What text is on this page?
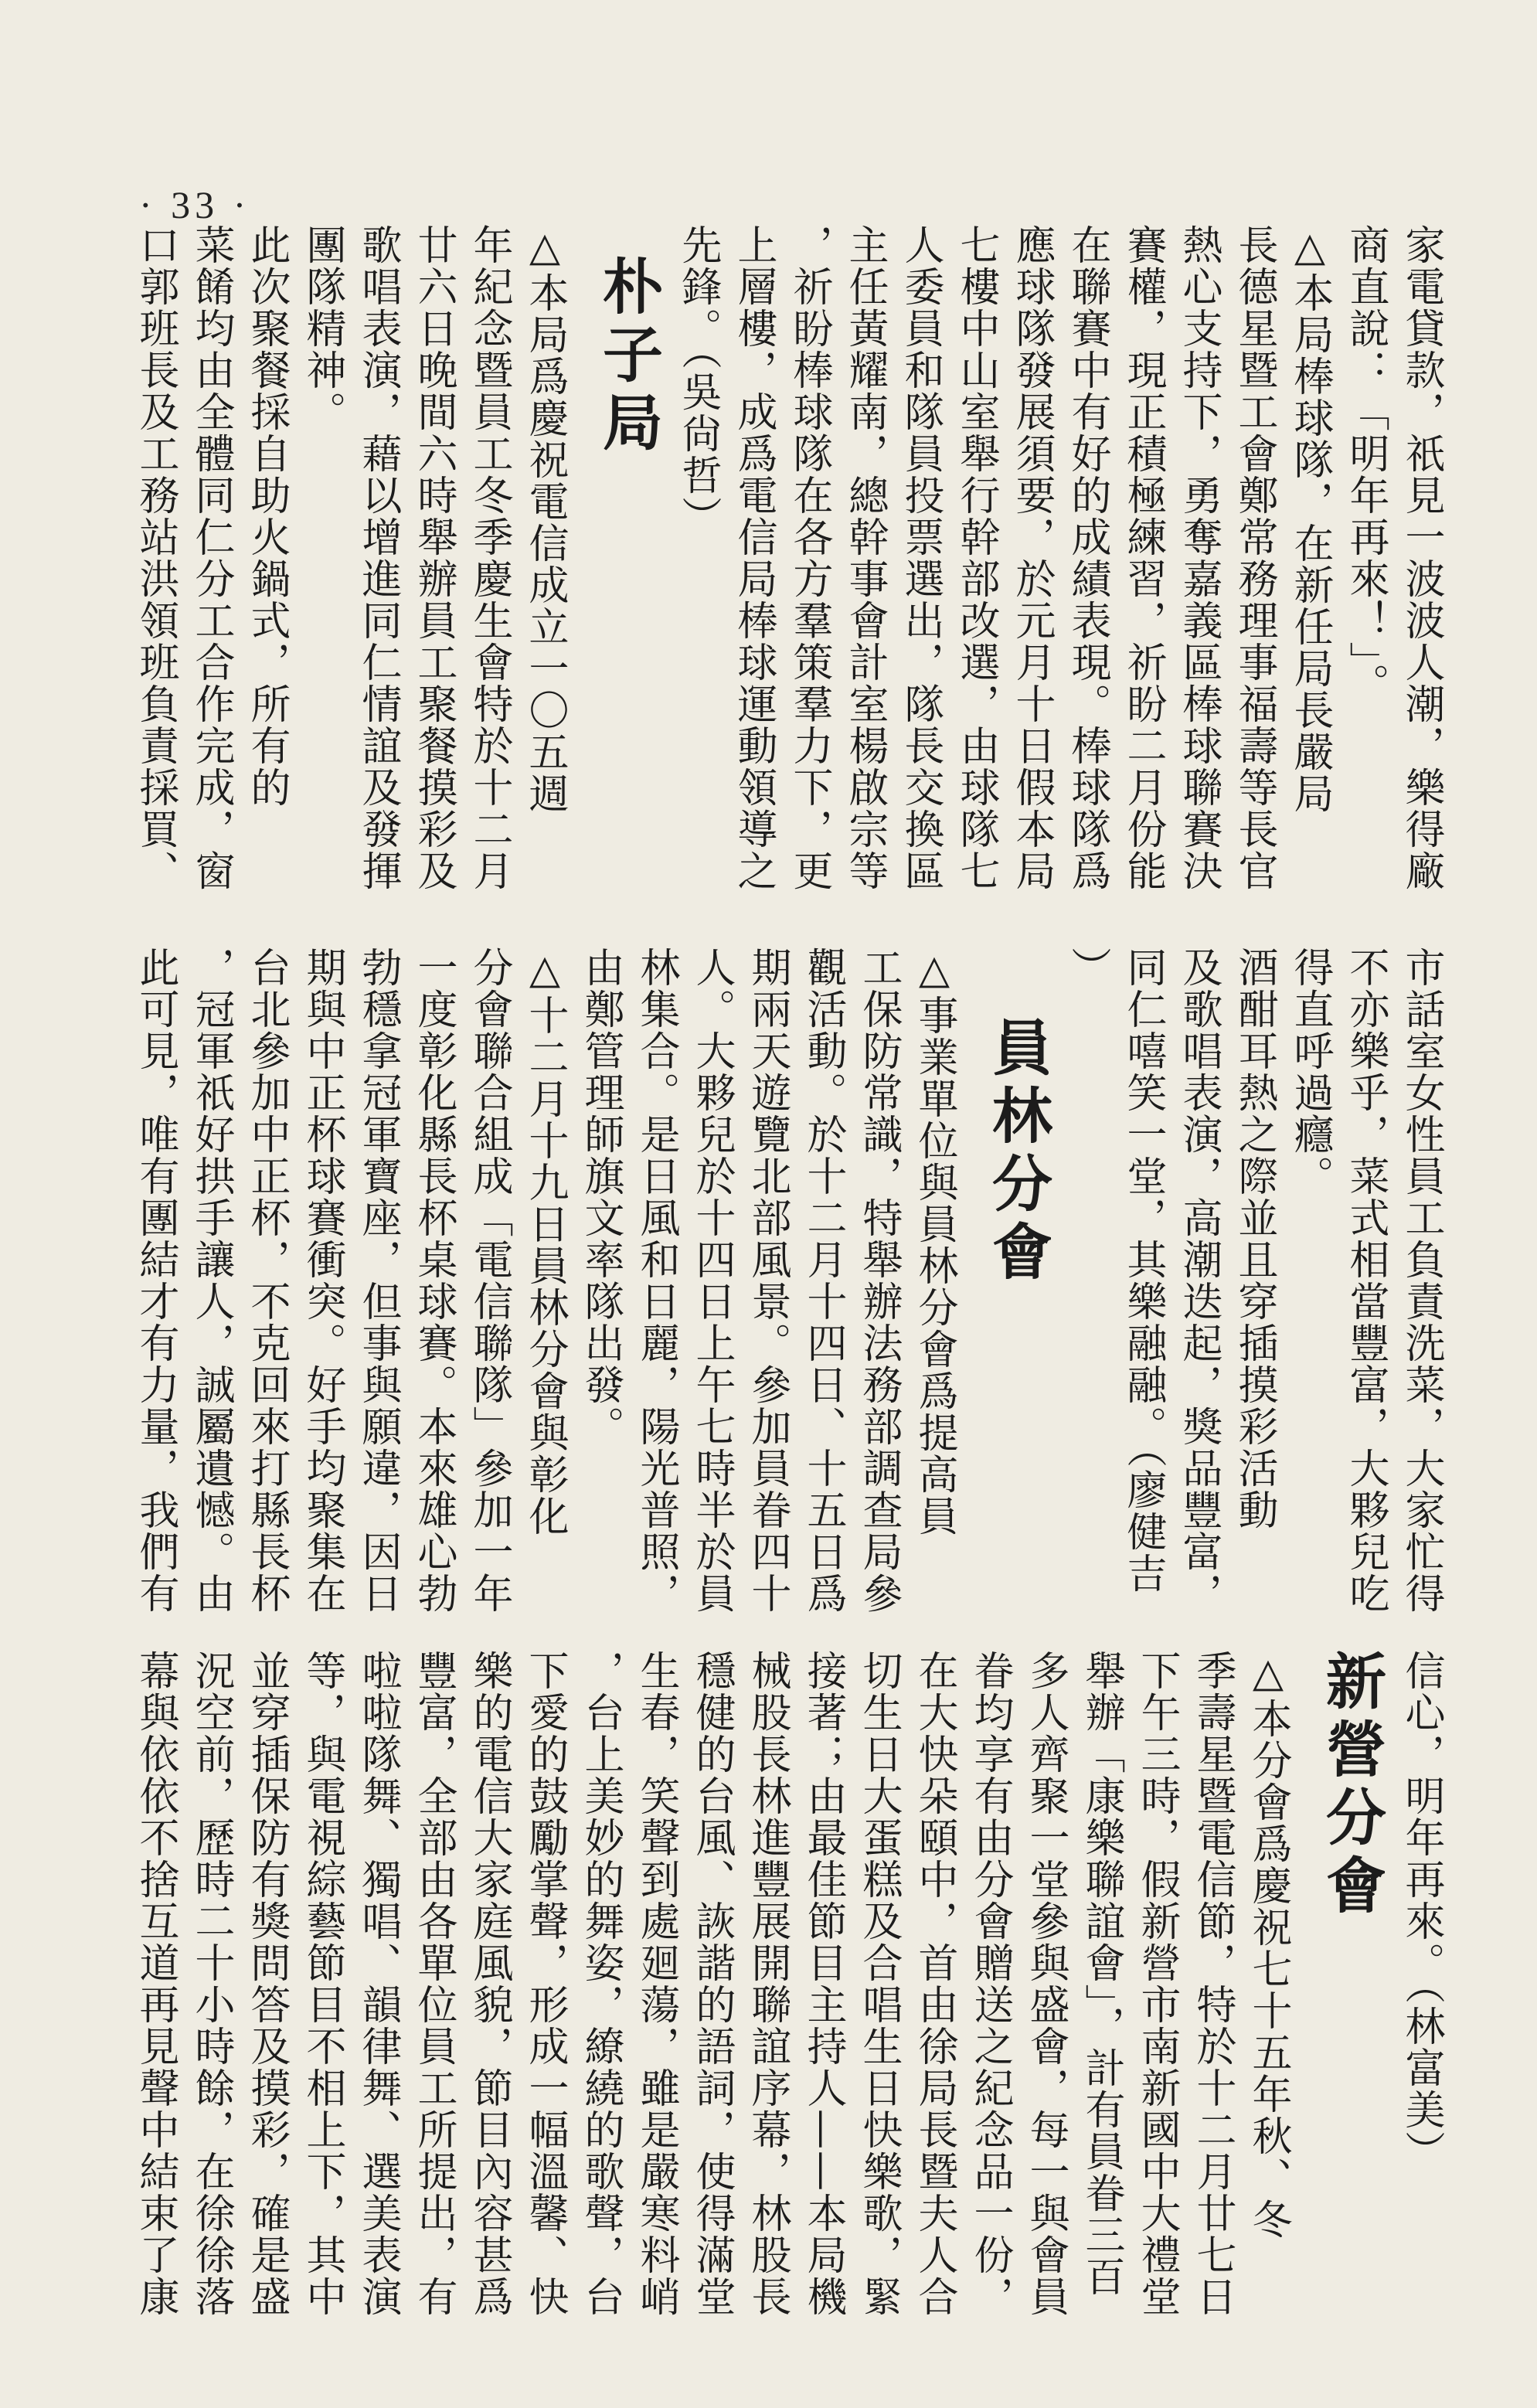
· 33 ·
家電貸款，祇見一波波人潮，樂得廠
商直說：「明年再來！」。
△本局棒球隊，在新任局長嚴局
長德星暨工會鄭常務理事福壽等長官
熱心支持下，勇奪嘉義區棒球聯賽決
賽權，現正積極練習，祈盼二月份能
在聯賽中有好的成績表現。棒球隊爲
應球隊發展須要，於元月十日假本局
七樓中山室舉行幹部改選，由球隊七
人委員和隊員投票選出，隊長交換區
主任黃耀南，總幹事會計室楊啟宗等
，祈盼棒球隊在各方羣策羣力下，更
上層樓，成爲電信局棒球運動領導之
先鋒。（吳尙哲）
朴子局
△本局爲慶祝電信成立一〇五週
年紀念暨員工冬季慶生會特於十二月
廿六日晚間六時舉辦員工聚餐摸彩及
歌唱表演，藉以增進同仁情誼及發揮
團隊精神。
此次聚餐採自助火鍋式，所有的
菜餚均由全體同仁分工合作完成，窗
口郭班長及工務站洪領班負責採買、
市話室女性員工負責洗菜，大家忙得
不亦樂乎，菜式相當豐富，大夥兒吃
得直呼過癮。
酒酣耳熱之際並且穿插摸彩活動
及歌唱表演，高潮迭起，獎品豐富，
同仁嘻笑一堂，其樂融融。（廖健吉
）
員林分會
△事業單位與員林分會爲提高員
工保防常識，特舉辦法務部調查局參
觀活動。於十二月十四日、十五日爲
期兩天遊覽北部風景。參加員眷四十
人。大夥兒於十四日上午七時半於員
林集合。是日風和日麗，陽光普照，
由鄭管理師旗文率隊出發。
△十二月十九日員林分會與彰化
分會聯合組成「電信聯隊」參加一年
一度彰化縣長杯桌球賽。本來雄心勃
勃穩拿冠軍寶座，但事與願違，因日
期與中正杯球賽衝突。好手均聚集在
台北參加中正杯，不克回來打縣長杯
，冠軍祇好拱手讓人，誠屬遺憾。由
此可見，唯有團結才有力量，我們有
信心，明年再來。（林富美）
新營分會
△本分會爲慶祝七十五年秋、冬
季壽星暨電信節，特於十二月廿七日
下午三時，假新營市南新國中大禮堂
舉辦「康樂聯誼會」，計有員眷三百
多人齊聚一堂參與盛會，每一與會員
眷均享有由分會贈送之紀念品一份，
在大快朵頤中，首由徐局長暨夫人合
切生日大蛋糕及合唱生日快樂歌，緊
接著；由最佳節目主持人——本局機
械股長林進豐展開聯誼序幕，林股長
穩健的台風、詼諧的語詞，使得滿堂
生春，笑聲到處廻蕩，雖是嚴寒料峭
，台上美妙的舞姿，繚繞的歌聲，台
下愛的鼓勵掌聲，形成一幅溫馨、快
樂的電信大家庭風貌，節目內容甚爲
豐富，全部由各單位員工所提出，有
啦啦隊舞、獨唱、韻律舞、選美表演
等，與電視綜藝節目不相上下，其中
並穿插保防有獎問答及摸彩，確是盛
況空前，歷時二十小時餘，在徐徐落
幕與依依不捨互道再見聲中結束了康
